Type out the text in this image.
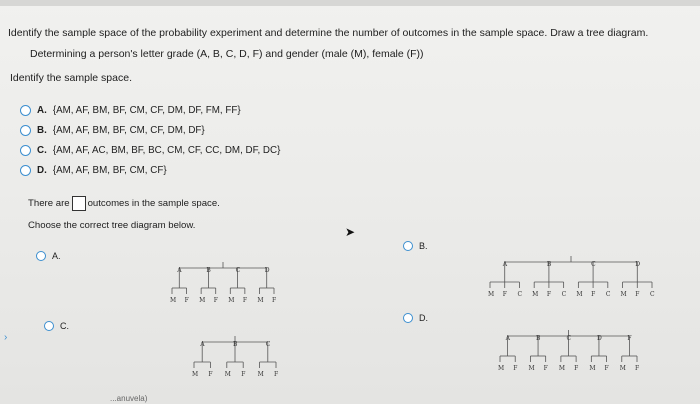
Identify the sample space of the probability experiment and determine the number of outcomes in the sample space. Draw a tree diagram.
Determining a person's letter grade (A, B, C, D, F) and gender (male (M), female (F))
Identify the sample space.
A. {AM, AF, BM, BF, CM, CF, DM, DF, FM, FF}
B. {AM, AF, BM, BF, CM, CF, DM, DF}
C. {AM, AF, AC, BM, BF, BC, CM, CF, CC, DM, DF, DC}
D. {AM, AF, BM, BF, CM, CF}
There are outcomes in the sample space.
Choose the correct tree diagram below.
A.
B.
C.
D.
A	B	C	D
M F M F M F M F
A	B	C	D
M F C M F C M F C M F C
A	B	C
M F M F M F
A	B	C	D	F
M F M F M F M F M F
➤
›
...anuvela)
